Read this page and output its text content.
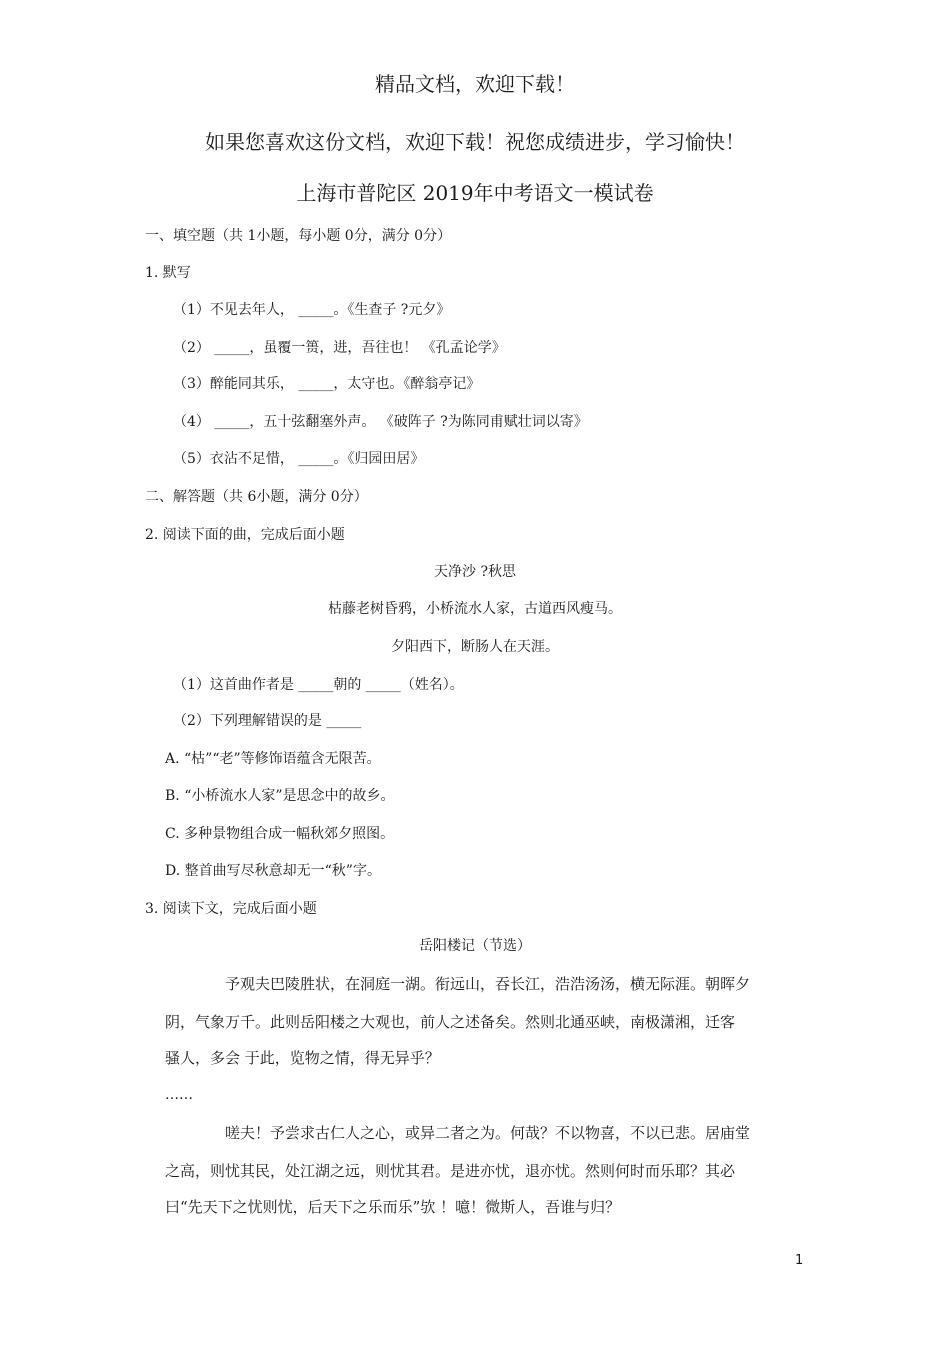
精品文档，欢迎下载！
如果您喜欢这份文档，欢迎下载！祝您成绩进步，学习愉快！
上海市普陀区 2019年中考语文一模试卷
一、填空题（共 1小题，每小题 0分，满分 0分）
1. 默写
（1）不见去年人， _____。《生查子 ?元夕》
（2） _____，虽覆一篑，进，吾往也！ 《孔孟论学》
（3）醉能同其乐， _____，太守也。《醉翁亭记》
（4） _____，五十弦翻塞外声。 《破阵子 ?为陈同甫赋壮词以寄》
（5）衣沾不足惜， _____。《归园田居》
二、解答题（共 6小题，满分 0分）
2. 阅读下面的曲，完成后面小题
天净沙 ?秋思
枯藤老树昏鸦，小桥流水人家，古道西风瘦马。
夕阳西下，断肠人在天涯。
（1）这首曲作者是 _____朝的 _____（姓名）。
（2）下列理解错误的是 _____
A. “枯”“老”等修饰语蕴含无限苦。
B. “小桥流水人家”是思念中的故乡。
C. 多种景物组合成一幅秋郊夕照图。
D. 整首曲写尽秋意却无一“秋”字。
3. 阅读下文，完成后面小题
岳阳楼记（节选）
予观夫巴陵胜状，在洞庭一湖。衔远山，吞长江，浩浩汤汤，横无际涯。朝晖夕
阴，气象万千。此则岳阳楼之大观也，前人之述备矣。然则北通巫峡，南极潇湘，迁客
骚人，多会 于此，览物之情，得无异乎？
……
嗟夫！予尝求古仁人之心，或异二者之为。何哉？不以物喜，不以已悲。居庙堂
之高，则忧其民，处江湖之远，则忧其君。是进亦忧，退亦忧。然则何时而乐耶？其必
曰“先天下之忧则忧，后天下之乐而乐”欤 ！噫！微斯人，吾谁与归？
1
